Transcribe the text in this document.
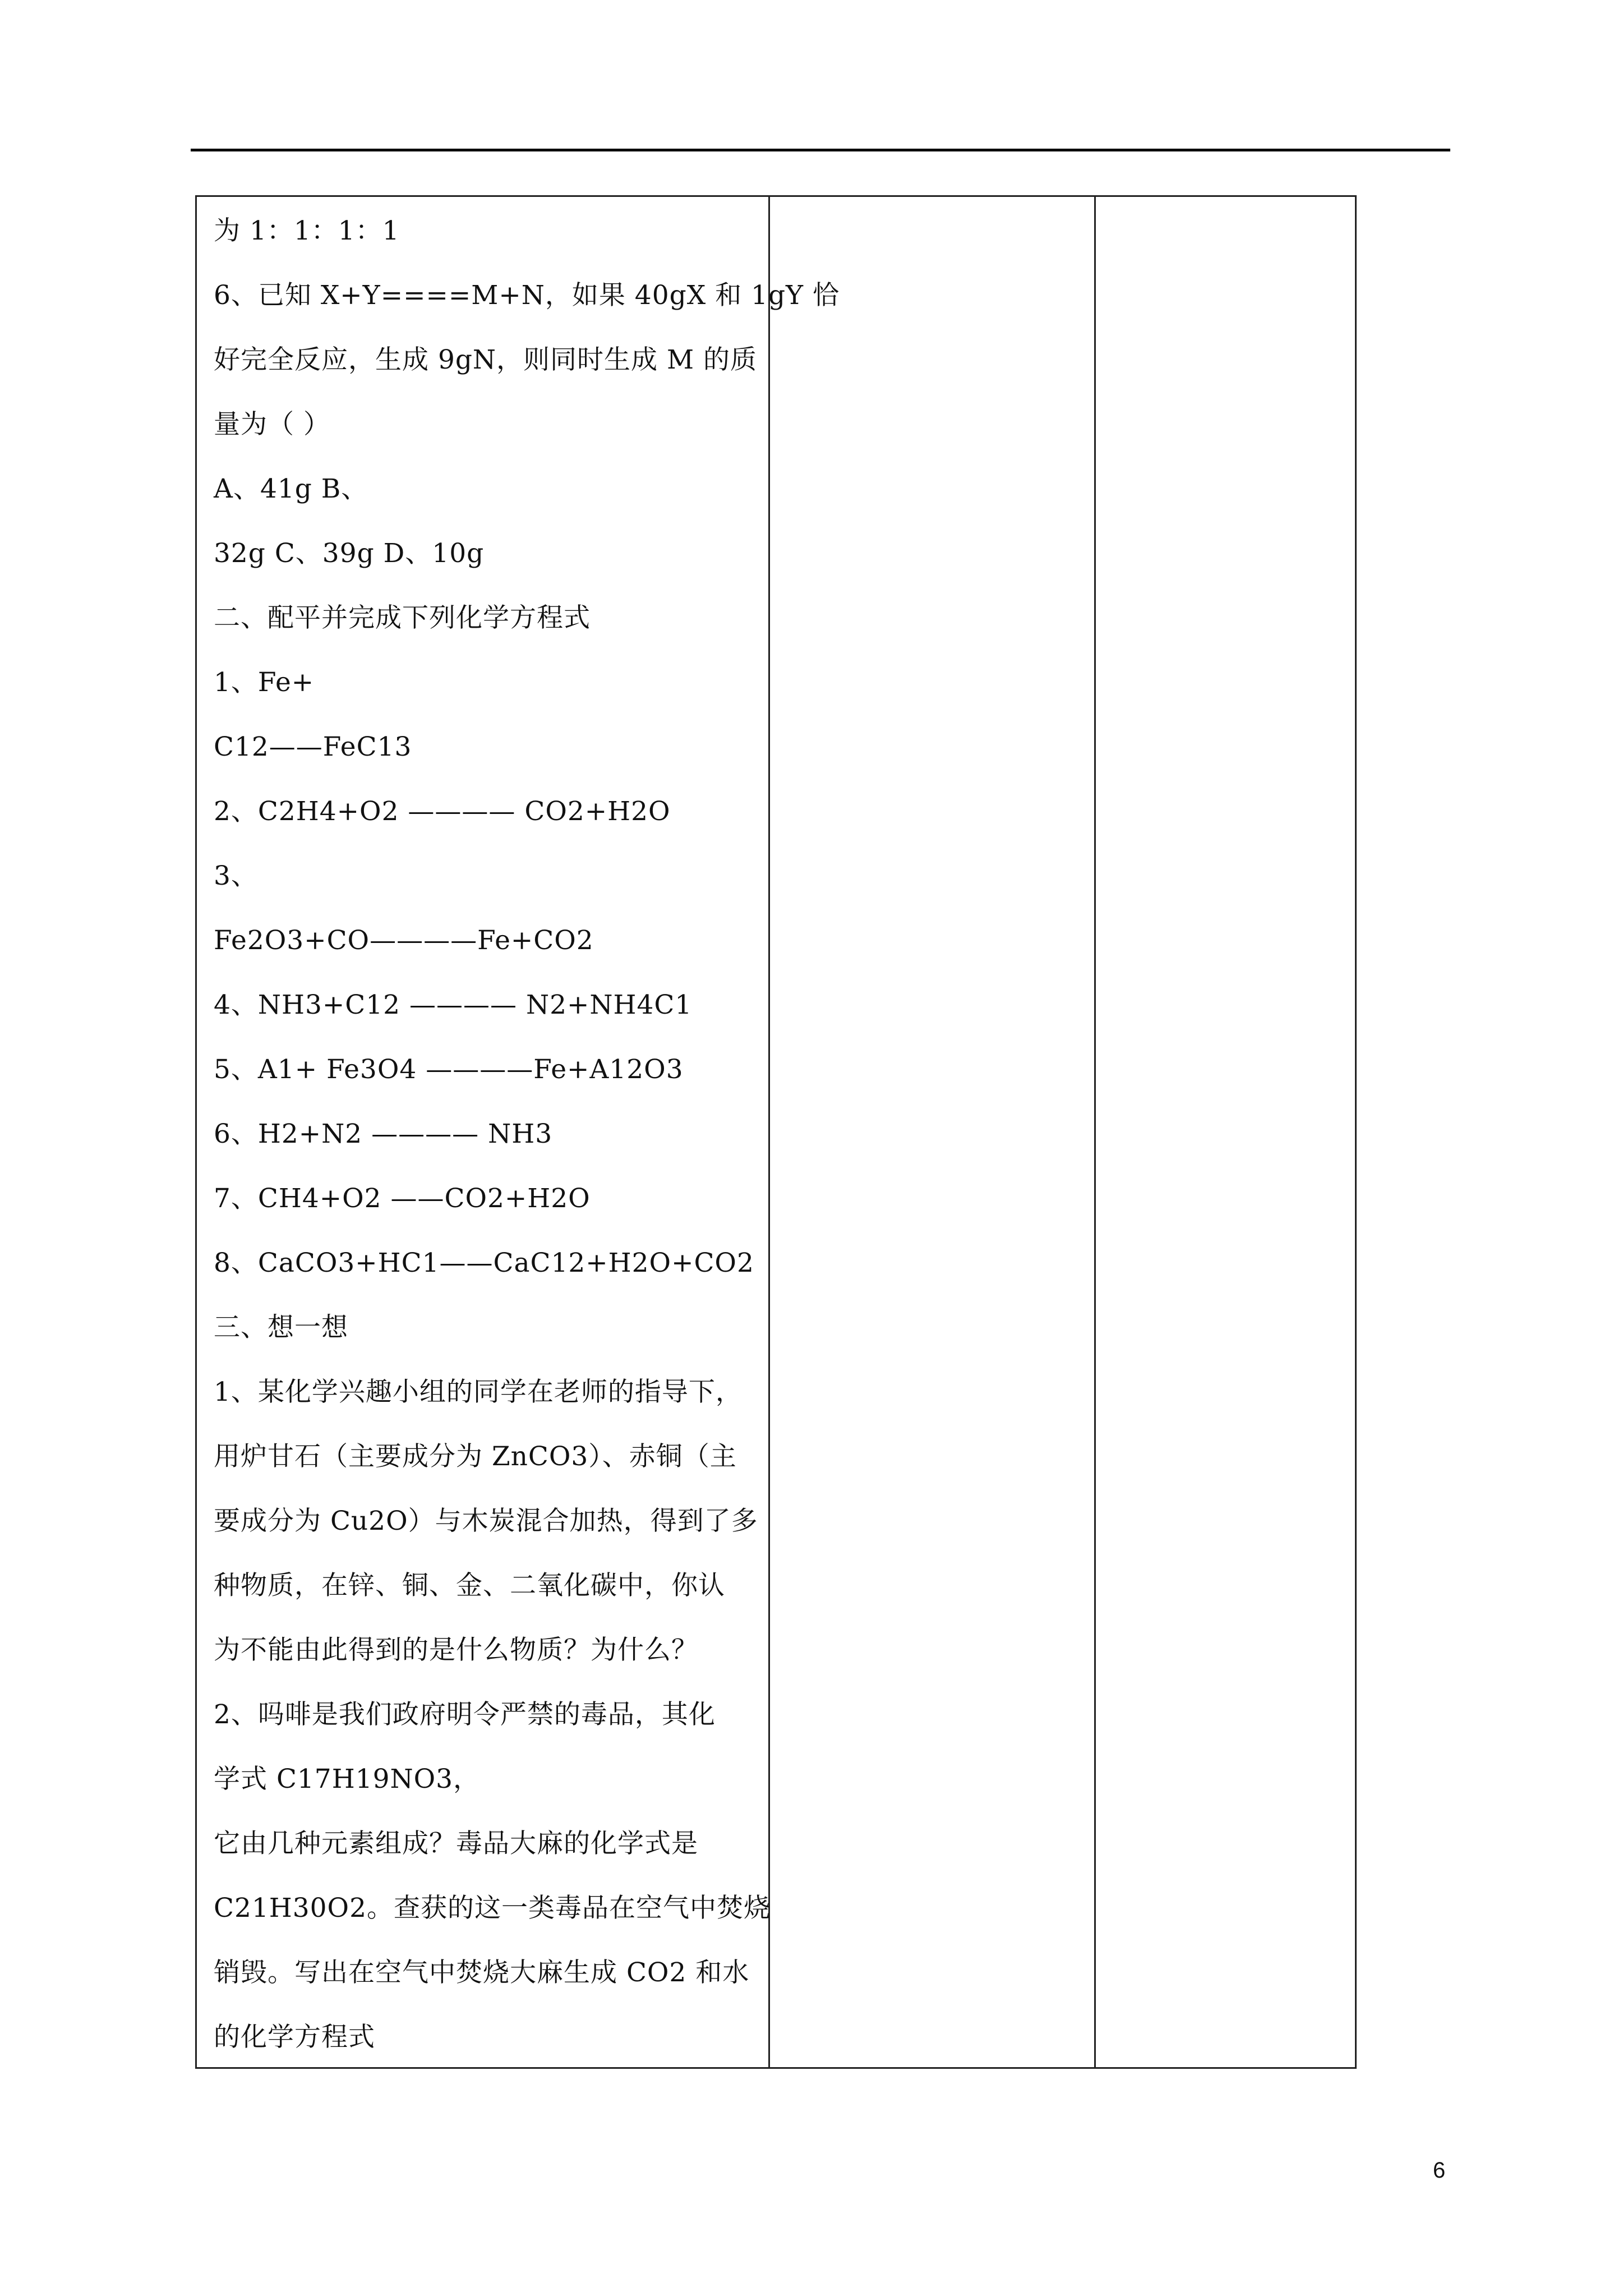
为 1：1：1：1
6、已知 X+Y====M+N，如果 40gX 和 1gY 恰
好完全反应，生成 9gN，则同时生成 M 的质
量为（ ）
A、41g B、
32g C、39g D、10g
二、配平并完成下列化学方程式
1、Fe+
C12——FeC13
2、C2H4+O2 ———— CO2+H2O
3、
Fe2O3+CO————Fe+CO2
4、NH3+C12 ———— N2+NH4C1
5、A1+ Fe3O4 ————Fe+A12O3
6、H2+N2 ———— NH3
7、CH4+O2 ——CO2+H2O
8、CaCO3+HC1——CaC12+H2O+CO2
三、想一想
1、某化学兴趣小组的同学在老师的指导下，
用炉甘石（主要成分为 ZnCO3）、赤铜（主
要成分为 Cu2O）与木炭混合加热，得到了多
种物质，在锌、铜、金、二氧化碳中，你认
为不能由此得到的是什么物质？为什么？
2、吗啡是我们政府明令严禁的毒品，其化
学式 C17H19NO3，
它由几种元素组成？毒品大麻的化学式是
C21H30O2。查获的这一类毒品在空气中焚烧
销毁。写出在空气中焚烧大麻生成 CO2 和水
的化学方程式
6
